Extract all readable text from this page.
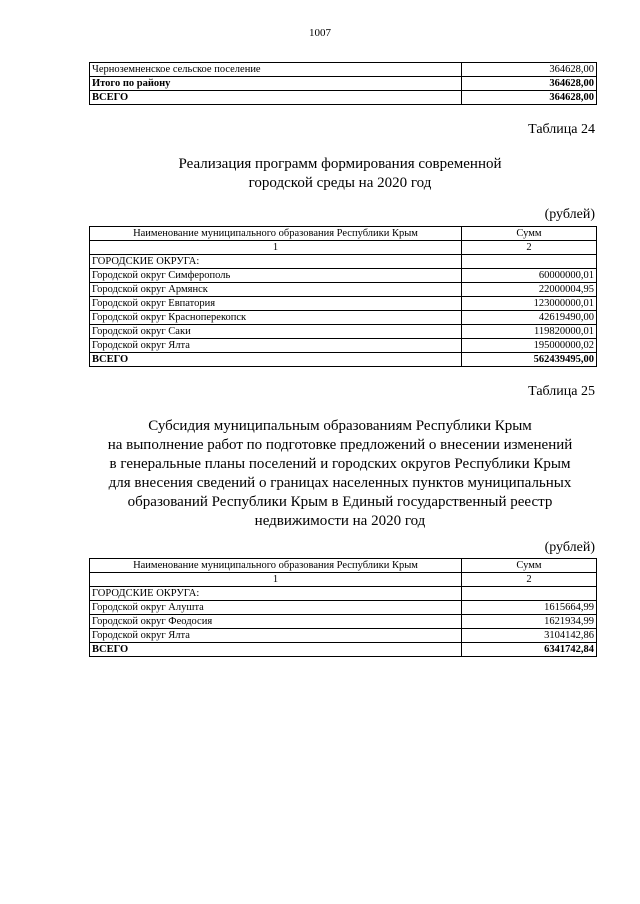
1007
Черноземненское сельское поселение	364628,00
Итого по району	364628,00
ВСЕГО	364628,00
Таблица 24
Реализация программ формирования современной
городской среды на 2020 год
(рублей)
Наименование муниципального образования Республики Крым	Сумм
1	2
ГОРОДСКИЕ ОКРУГА:	
Городской округ Симферополь	60000000,01
Городской округ Армянск	22000004,95
Городской округ Евпатория	123000000,01
Городской округ Красноперекопск	42619490,00
Городской округ Саки	119820000,01
Городской округ Ялта	195000000,02
ВСЕГО	562439495,00
Таблица 25
Субсидия муниципальным образованиям Республики Крым
на выполнение работ по подготовке предложений о внесении изменений
в генеральные планы поселений и городских округов Республики Крым
для внесения сведений о границах населенных пунктов муниципальных
образований Республики Крым в Единый государственный реестр
недвижимости на 2020 год
(рублей)
Наименование муниципального образования Республики Крым	Сумм
1	2
ГОРОДСКИЕ ОКРУГА:	
Городской округ Алушта	1615664,99
Городской округ Феодосия	1621934,99
Городской округ Ялта	3104142,86
ВСЕГО	6341742,84
